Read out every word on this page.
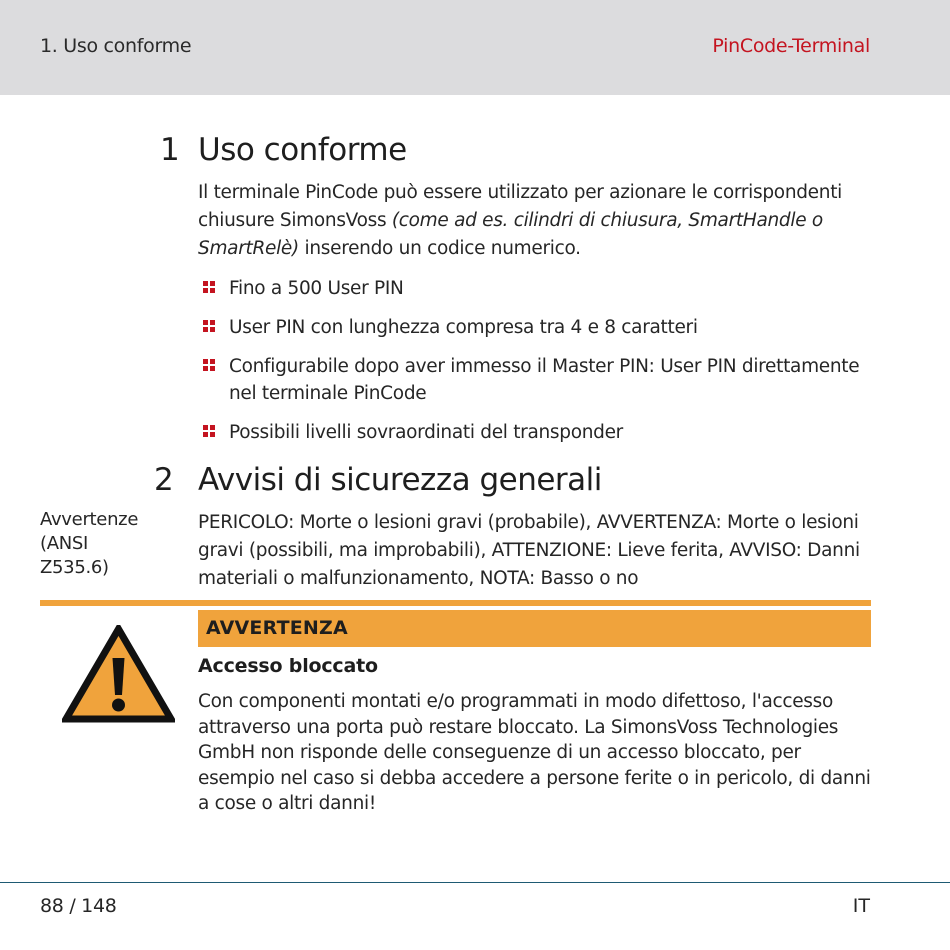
1. Uso conforme	PinCode-Terminal
1 Uso conforme
Il terminale PinCode può essere utilizzato per azionare le corrispondenti chiusure SimonsVoss (come ad es. cilindri di chiusura, SmartHandle o SmartRelè) inserendo un codice numerico.
Fino a 500 User PIN
User PIN con lunghezza compresa tra 4 e 8 caratteri
Configurabile dopo aver immesso il Master PIN: User PIN direttamente nel terminale PinCode
Possibili livelli sovraordinati del transponder
2 Avvisi di sicurezza generali
Avvertenze (ANSI Z535.6)
PERICOLO: Morte o lesioni gravi (probabile), AVVERTENZA: Morte o lesioni gravi (possibili, ma improbabili), ATTENZIONE: Lieve ferita, AVVISO: Danni materiali o malfunzionamento, NOTA: Basso o no
AVVERTENZA
Accesso bloccato
Con componenti montati e/o programmati in modo difettoso, l'accesso attraverso una porta può restare bloccato. La SimonsVoss Technologies GmbH non risponde delle conseguenze di un accesso bloccato, per esempio nel caso si debba accedere a persone ferite o in pericolo, di danni a cose o altri danni!
88 / 148	IT
